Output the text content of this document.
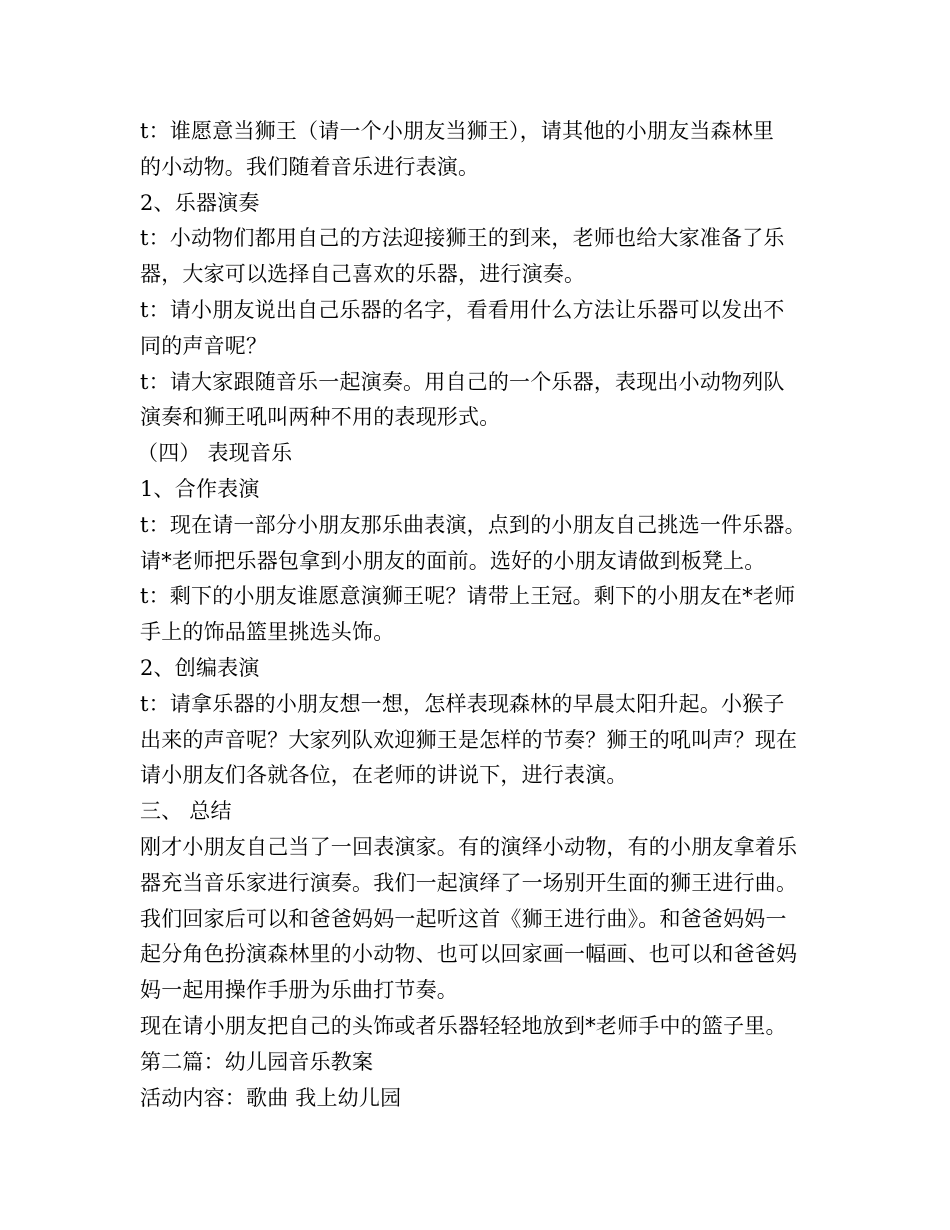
t：谁愿意当狮王（请一个小朋友当狮王），请其他的小朋友当森林里
的小动物。我们随着音乐进行表演。
2、乐器演奏
t：小动物们都用自己的方法迎接狮王的到来，老师也给大家准备了乐
器，大家可以选择自己喜欢的乐器，进行演奏。
t：请小朋友说出自己乐器的名字，看看用什么方法让乐器可以发出不
同的声音呢？
t：请大家跟随音乐一起演奏。用自己的一个乐器，表现出小动物列队
演奏和狮王吼叫两种不用的表现形式。
（四） 表现音乐
1、合作表演
t：现在请一部分小朋友那乐曲表演，点到的小朋友自己挑选一件乐器。
请*老师把乐器包拿到小朋友的面前。选好的小朋友请做到板凳上。
t：剩下的小朋友谁愿意演狮王呢？请带上王冠。剩下的小朋友在*老师
手上的饰品篮里挑选头饰。
2、创编表演
t：请拿乐器的小朋友想一想，怎样表现森林的早晨太阳升起。小猴子
出来的声音呢？大家列队欢迎狮王是怎样的节奏？狮王的吼叫声？现在
请小朋友们各就各位，在老师的讲说下，进行表演。
三、 总结
刚才小朋友自己当了一回表演家。有的演绎小动物，有的小朋友拿着乐
器充当音乐家进行演奏。我们一起演绎了一场别开生面的狮王进行曲。
我们回家后可以和爸爸妈妈一起听这首《狮王进行曲》。和爸爸妈妈一
起分角色扮演森林里的小动物、也可以回家画一幅画、也可以和爸爸妈
妈一起用操作手册为乐曲打节奏。
现在请小朋友把自己的头饰或者乐器轻轻地放到*老师手中的篮子里。
第二篇：幼儿园音乐教案
活动内容：歌曲 我上幼儿园
